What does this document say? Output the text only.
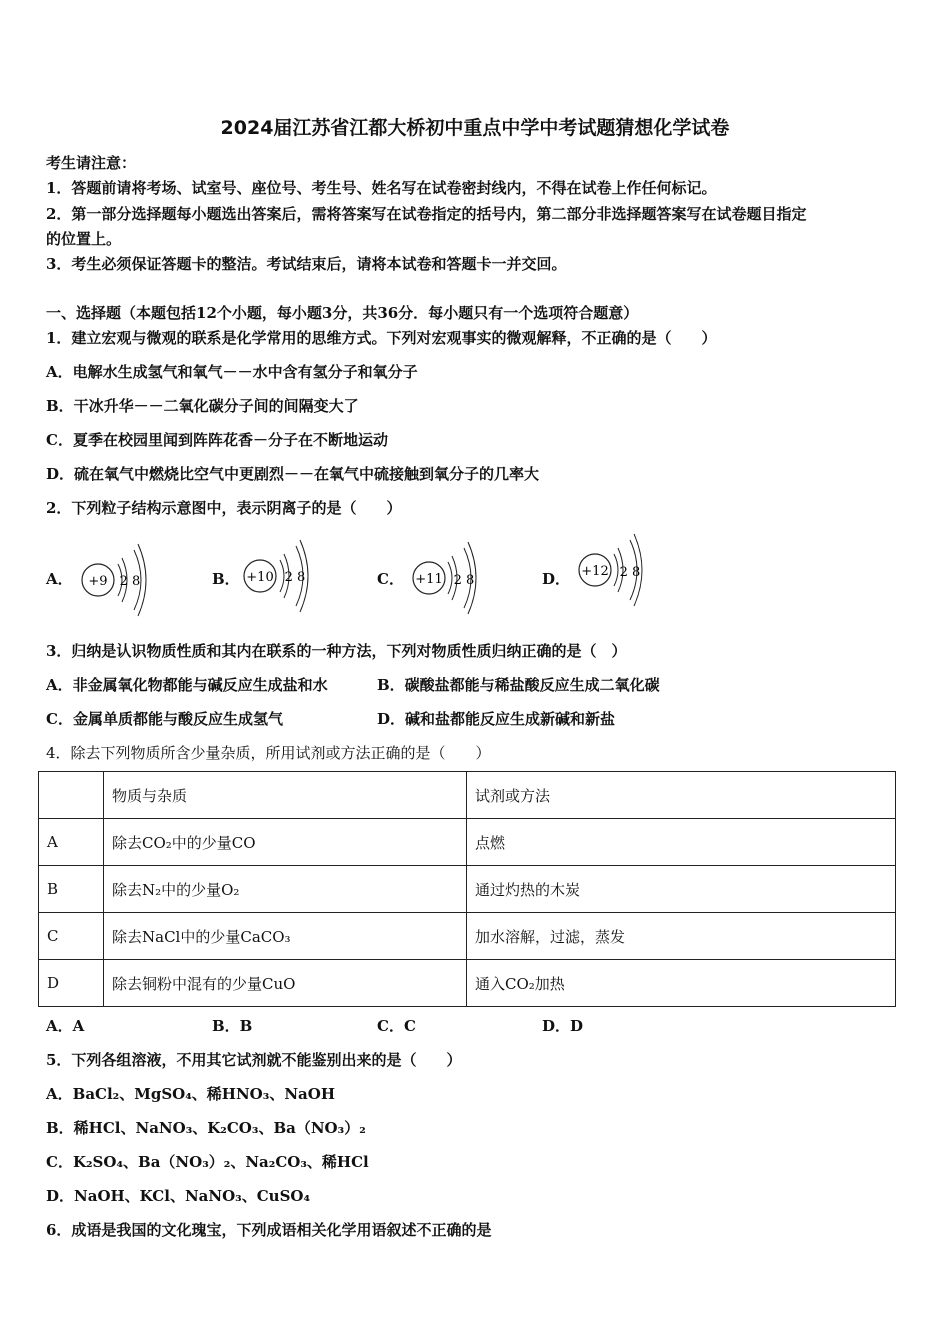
2024届江苏省江都大桥初中重点中学中考试题猜想化学试卷
考生请注意：
1．答题前请将考场、试室号、座位号、考生号、姓名写在试卷密封线内，不得在试卷上作任何标记。
2．第一部分选择题每小题选出答案后，需将答案写在试卷指定的括号内，第二部分非选择题答案写在试卷题目指定
的位置上。
3．考生必须保证答题卡的整洁。考试结束后，请将本试卷和答题卡一并交回。
一、选择题（本题包括12个小题，每小题3分，共36分．每小题只有一个选项符合题意）
1．建立宏观与微观的联系是化学常用的思维方式。下列对宏观事实的微观解释，不正确的是（　　）
A．电解水生成氢气和氧气－－水中含有氢分子和氧分子
B．干冰升华－－二氧化碳分子间的间隔变大了
C．夏季在校园里闻到阵阵花香－分子在不断地运动
D．硫在氧气中燃烧比空气中更剧烈－－在氧气中硫接触到氧分子的几率大
2．下列粒子结构示意图中，表示阴离子的是（　　）
A． +9 2 8	B． +10 2 8	C． +11 2 8	D． +12 2 8
3．归纳是认识物质性质和其内在联系的一种方法，下列对物质性质归纳正确的是（　）
A．非金属氧化物都能与碱反应生成盐和水	B．碳酸盐都能与稀盐酸反应生成二氧化碳
C．金属单质都能与酸反应生成氢气	D．碱和盐都能反应生成新碱和新盐
4．除去下列物质所含少量杂质，所用试剂或方法正确的是（　　）
	物质与杂质	试剂或方法
A	除去CO₂中的少量CO	点燃
B	除去N₂中的少量O₂	通过灼热的木炭
C	除去NaCl中的少量CaCO₃	加水溶解，过滤，蒸发
D	除去铜粉中混有的少量CuO	通入CO₂加热
A．A	B．B	C．C	D．D
5．下列各组溶液，不用其它试剂就不能鉴别出来的是（　　）
A．BaCl₂、MgSO₄、稀HNO₃、NaOH
B．稀HCl、NaNO₃、K₂CO₃、Ba（NO₃）₂
C．K₂SO₄、Ba（NO₃）₂、Na₂CO₃、稀HCl
D．NaOH、KCl、NaNO₃、CuSO₄
6．成语是我国的文化瑰宝，下列成语相关化学用语叙述不正确的是
